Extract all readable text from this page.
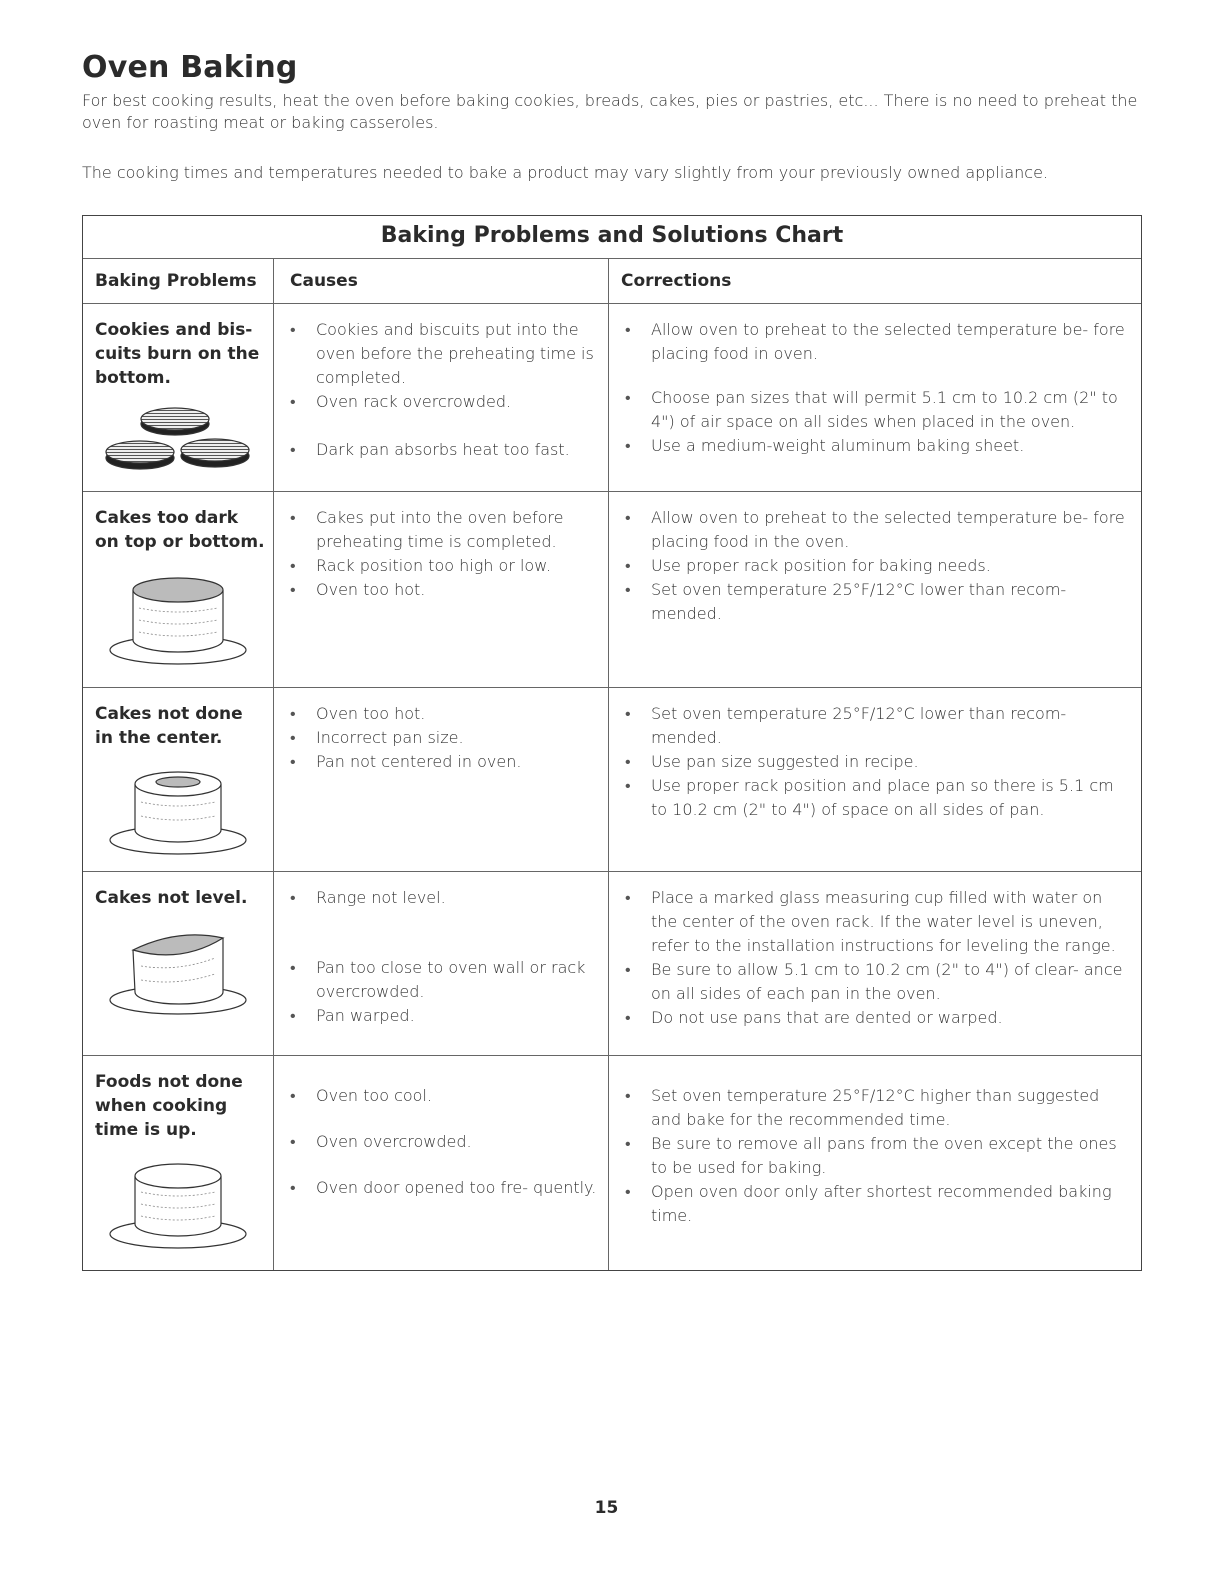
Oven Baking

For best cooking results, heat the oven before baking cookies, breads, cakes, pies or pastries, etc... There is no need to preheat the oven for roasting meat or baking casseroles.

The cooking times and temperatures needed to bake a product may vary slightly from your previously owned appliance.

Baking Problems and Solutions Chart
Baking Problems	Causes	Corrections
Cookies and bis- cuits burn on the bottom.
• Cookies and biscuits put into the oven before the preheating time is completed.
• Oven rack overcrowded.
• Dark pan absorbs heat too fast.
• Allow oven to preheat to the selected temperature be- fore placing food in oven.
• Choose pan sizes that will permit 5.1 cm to 10.2 cm (2" to 4") of air space on all sides when placed in the oven.
• Use a medium-weight aluminum baking sheet.
Cakes too dark on top or bottom.
• Cakes put into the oven before preheating time is completed.
• Rack position too high or low.
• Oven too hot.
• Allow oven to preheat to the selected temperature be- fore placing food in the oven.
• Use proper rack position for baking needs.
• Set oven temperature 25°F/12°C lower than recom- mended.
Cakes not done in the center.
• Oven too hot.
• Incorrect pan size.
• Pan not centered in oven.
• Set oven temperature 25°F/12°C lower than recom- mended.
• Use pan size suggested in recipe.
• Use proper rack position and place pan so there is 5.1 cm to 10.2 cm (2" to 4") of space on all sides of pan.
Cakes not level.
•	Range not level.
• Pan too close to oven wall or rack overcrowded.
• Pan warped.
• Place a marked glass measuring cup filled with water on the center of the oven rack. If the water level is uneven, refer to the installation instructions for leveling the range.
• Be sure to allow 5.1 cm to 10.2 cm (2" to 4") of clear- ance on all sides of each pan in the oven.
• Do not use pans that are dented or warped.
Foods not done when cooking time is up.
• Oven too cool.
• Oven overcrowded.
• Oven door opened too fre- quently.
• Set oven temperature 25°F/12°C higher than suggested and bake for the recommended time.
• Be sure to remove all pans from the oven except the ones to be used for baking.
• Open oven door only after shortest recommended baking time.
15
